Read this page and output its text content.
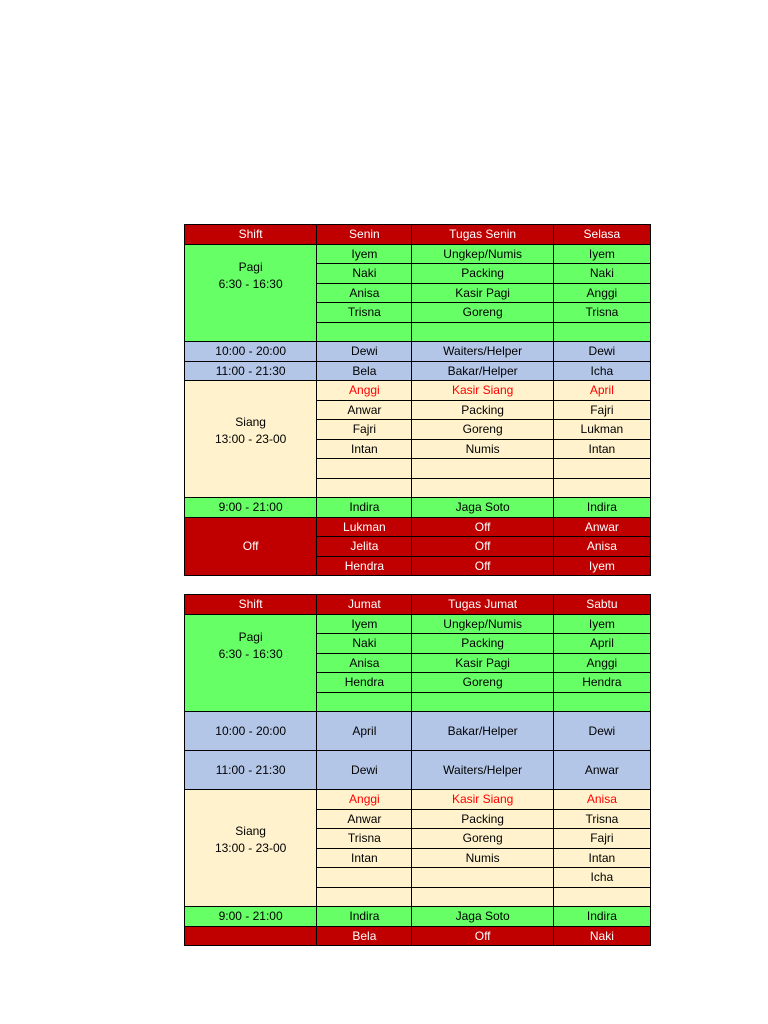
Shift	Senin	Tugas Senin	Selasa

Pagi
6:30 - 16:30	Iyem	Ungkep/Numis	Iyem
	Naki	Packing	Naki
	Anisa	Kasir Pagi	Anggi
	Trisna	Goreng	Trisna

10:00 - 20:00	Dewi	Waiters/Helper	Dewi
11:00 - 21:30	Bela	Bakar/Helper	Icha

Siang
13:00 - 23-00	Anggi	Kasir Siang	April
	Anwar	Packing	Fajri
	Fajri	Goreng	Lukman
	Intan	Numis	Intan

9:00 - 21:00	Indira	Jaga Soto	Indira
Off	Lukman	Off	Anwar
	Jelita	Off	Anisa
	Hendra	Off	Iyem
Shift	Jumat	Tugas Jumat	Sabtu

Pagi
6:30 - 16:30	Iyem	Ungkep/Numis	Iyem
	Naki	Packing	April
	Anisa	Kasir Pagi	Anggi
	Hendra	Goreng	Hendra

10:00 - 20:00	April	Bakar/Helper	Dewi
11:00 - 21:30	Dewi	Waiters/Helper	Anwar

Siang
13:00 - 23-00	Anggi	Kasir Siang	Anisa
	Anwar	Packing	Trisna
	Trisna	Goreng	Fajri
	Intan	Numis	Intan
			Icha

9:00 - 21:00	Indira	Jaga Soto	Indira
	Bela	Off	Naki
